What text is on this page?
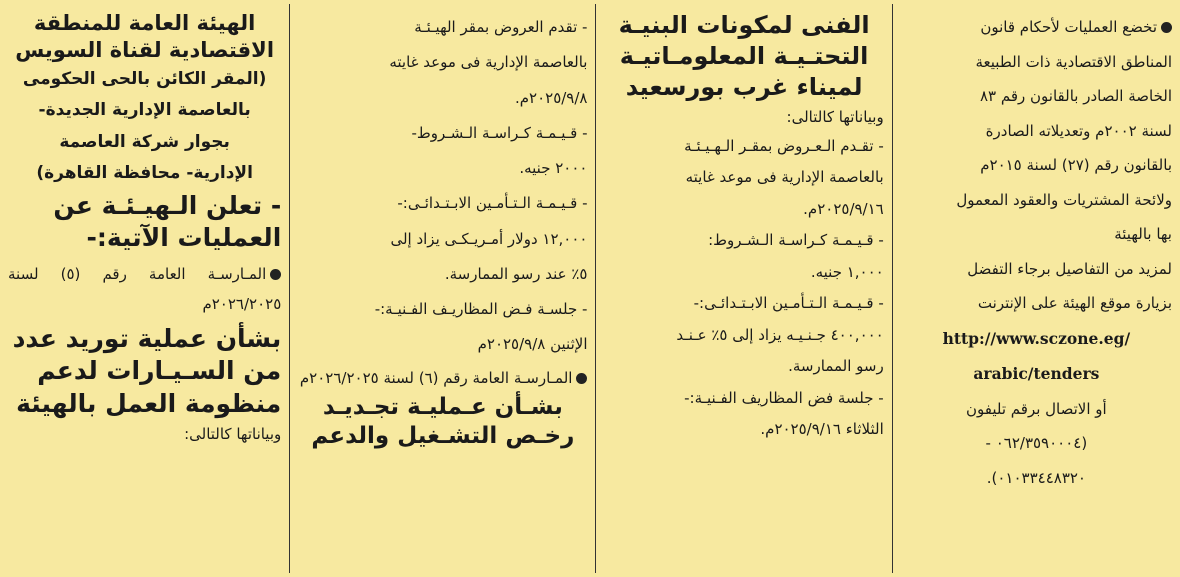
الهيئة العامة للمنطقة الاقتصادية لقناة السويس
(المقر الكائن بالحى الحكومى
بالعاصمة الإدارية الجديدة-
بجوار شركة العاصمة
الإدارية- محافظة القاهرة)
- تعلن الـهيـئـة عن العمليات الآتية:-

المـارسـة العامة رقم (٥) لسنة ٢٠٢٦/٢٠٢٥م

بشأن عملية توريد عدد من السـيـارات لدعم منظومة العمل بالهيئة

وبياناتها كالتالى:

- تقدم العروض بمقر الهيـئـة

بالعاصمة الإدارية فى موعد غايته

٢٠٢٥/٩/٨م.

- قـيـمـة كـراسـة الـشـروط-

٢٠٠٠ جنيه.

- قـيـمـة الـتـأمـين الابـتـدائـى:-

١٢,٠٠٠ دولار أمـريـكـى يزاد إلى

٥٪ عند رسو الممارسة.

- جلسـة فـض المظاريـف الفـنيـة:-

الإثنين ٢٠٢٥/٩/٨م

المـارسـة العامة رقم (٦) لسنة ٢٠٢٦/٢٠٢٥م

بشـأن عـمليـة تجـديـد رخـص التشـغيل والدعم
الفنى لمكونات البنيـة التحتـيـة المعلومـاتيـة لميناء غرب بورسعيد

وبياناتها كالتالى:

- تقـدم الـعـروض بمقـر الـهـيـئـة

بالعاصمة الإدارية فى موعد غايته

٢٠٢٥/٩/١٦م.

- قـيـمـة كـراسـة الـشـروط:

١,٠٠٠ جنيه.

- قـيـمـة الـتـأمـين الابـتـدائـى:-

٤٠٠,٠٠٠ جـنـيـه يزاد إلى ٥٪ عـنـد

رسو الممارسة.

- جلسة فض المظاريف الفـنيـة:-

الثلاثاء ٢٠٢٥/٩/١٦م.

تخضع العمليات لأحكام قانون

المناطق الاقتصادية ذات الطبيعة

الخاصة الصادر بالقانون رقم ٨٣

لسنة ٢٠٠٢م وتعديلاته الصادرة

بالقانون رقم (٢٧) لسنة ٢٠١٥م

ولائحة المشتريات والعقود المعمول

بها بالهيئة

لمزيد من التفاصيل برجاء التفضل

بزيارة موقع الهيئة على الإنترنت

http://www.sczone.eg/

arabic/tenders

أو الاتصال برقم تليفون

(٠٦٢/٣٥٩٠٠٠٤ -

٠١٠٣٣٤٤٨٣٢٠).
